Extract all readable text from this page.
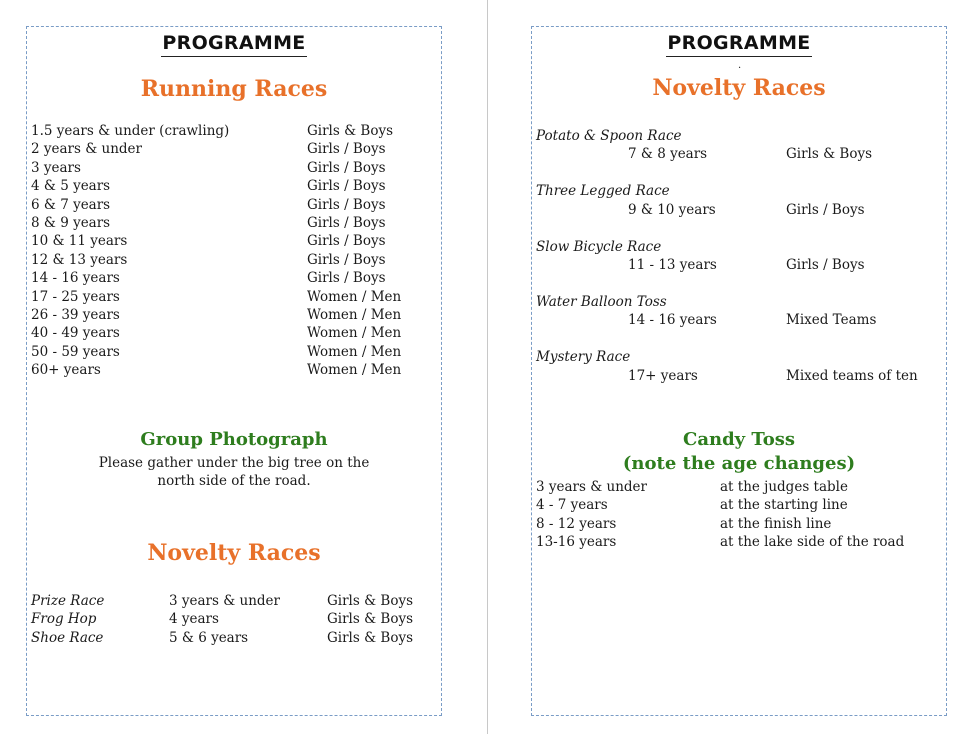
PROGRAMME
Running Races
1.5 years & under (crawling)	Girls & Boys
2 years & under	Girls / Boys
3 years	Girls / Boys
4 & 5 years	Girls / Boys
6 & 7 years	Girls / Boys
8 & 9 years	Girls / Boys
10 & 11 years	Girls / Boys
12 & 13 years	Girls / Boys
14 - 16 years	Girls / Boys
17 - 25 years	Women / Men
26 - 39 years	Women / Men
40 - 49 years	Women / Men
50 - 59 years	Women / Men
60+ years	Women / Men
Group Photograph
Please gather under the big tree on the
north side of the road.
Novelty Races
Prize Race	3 years & under	Girls & Boys
Frog Hop	4 years	Girls & Boys
Shoe Race	5 & 6 years	Girls & Boys
PROGRAMME
.
Novelty Races
Potato & Spoon Race
7 & 8 years	Girls & Boys
Three Legged Race
9 & 10 years	Girls / Boys
Slow Bicycle Race
11 - 13 years	Girls / Boys
Water Balloon Toss
14 - 16 years	Mixed Teams
Mystery Race
17+ years	Mixed teams of ten
Candy Toss
(note the age changes)
3 years & under	at the judges table
4 - 7 years	at the starting line
8 - 12 years	at the finish line
13-16 years	at the lake side of the road
